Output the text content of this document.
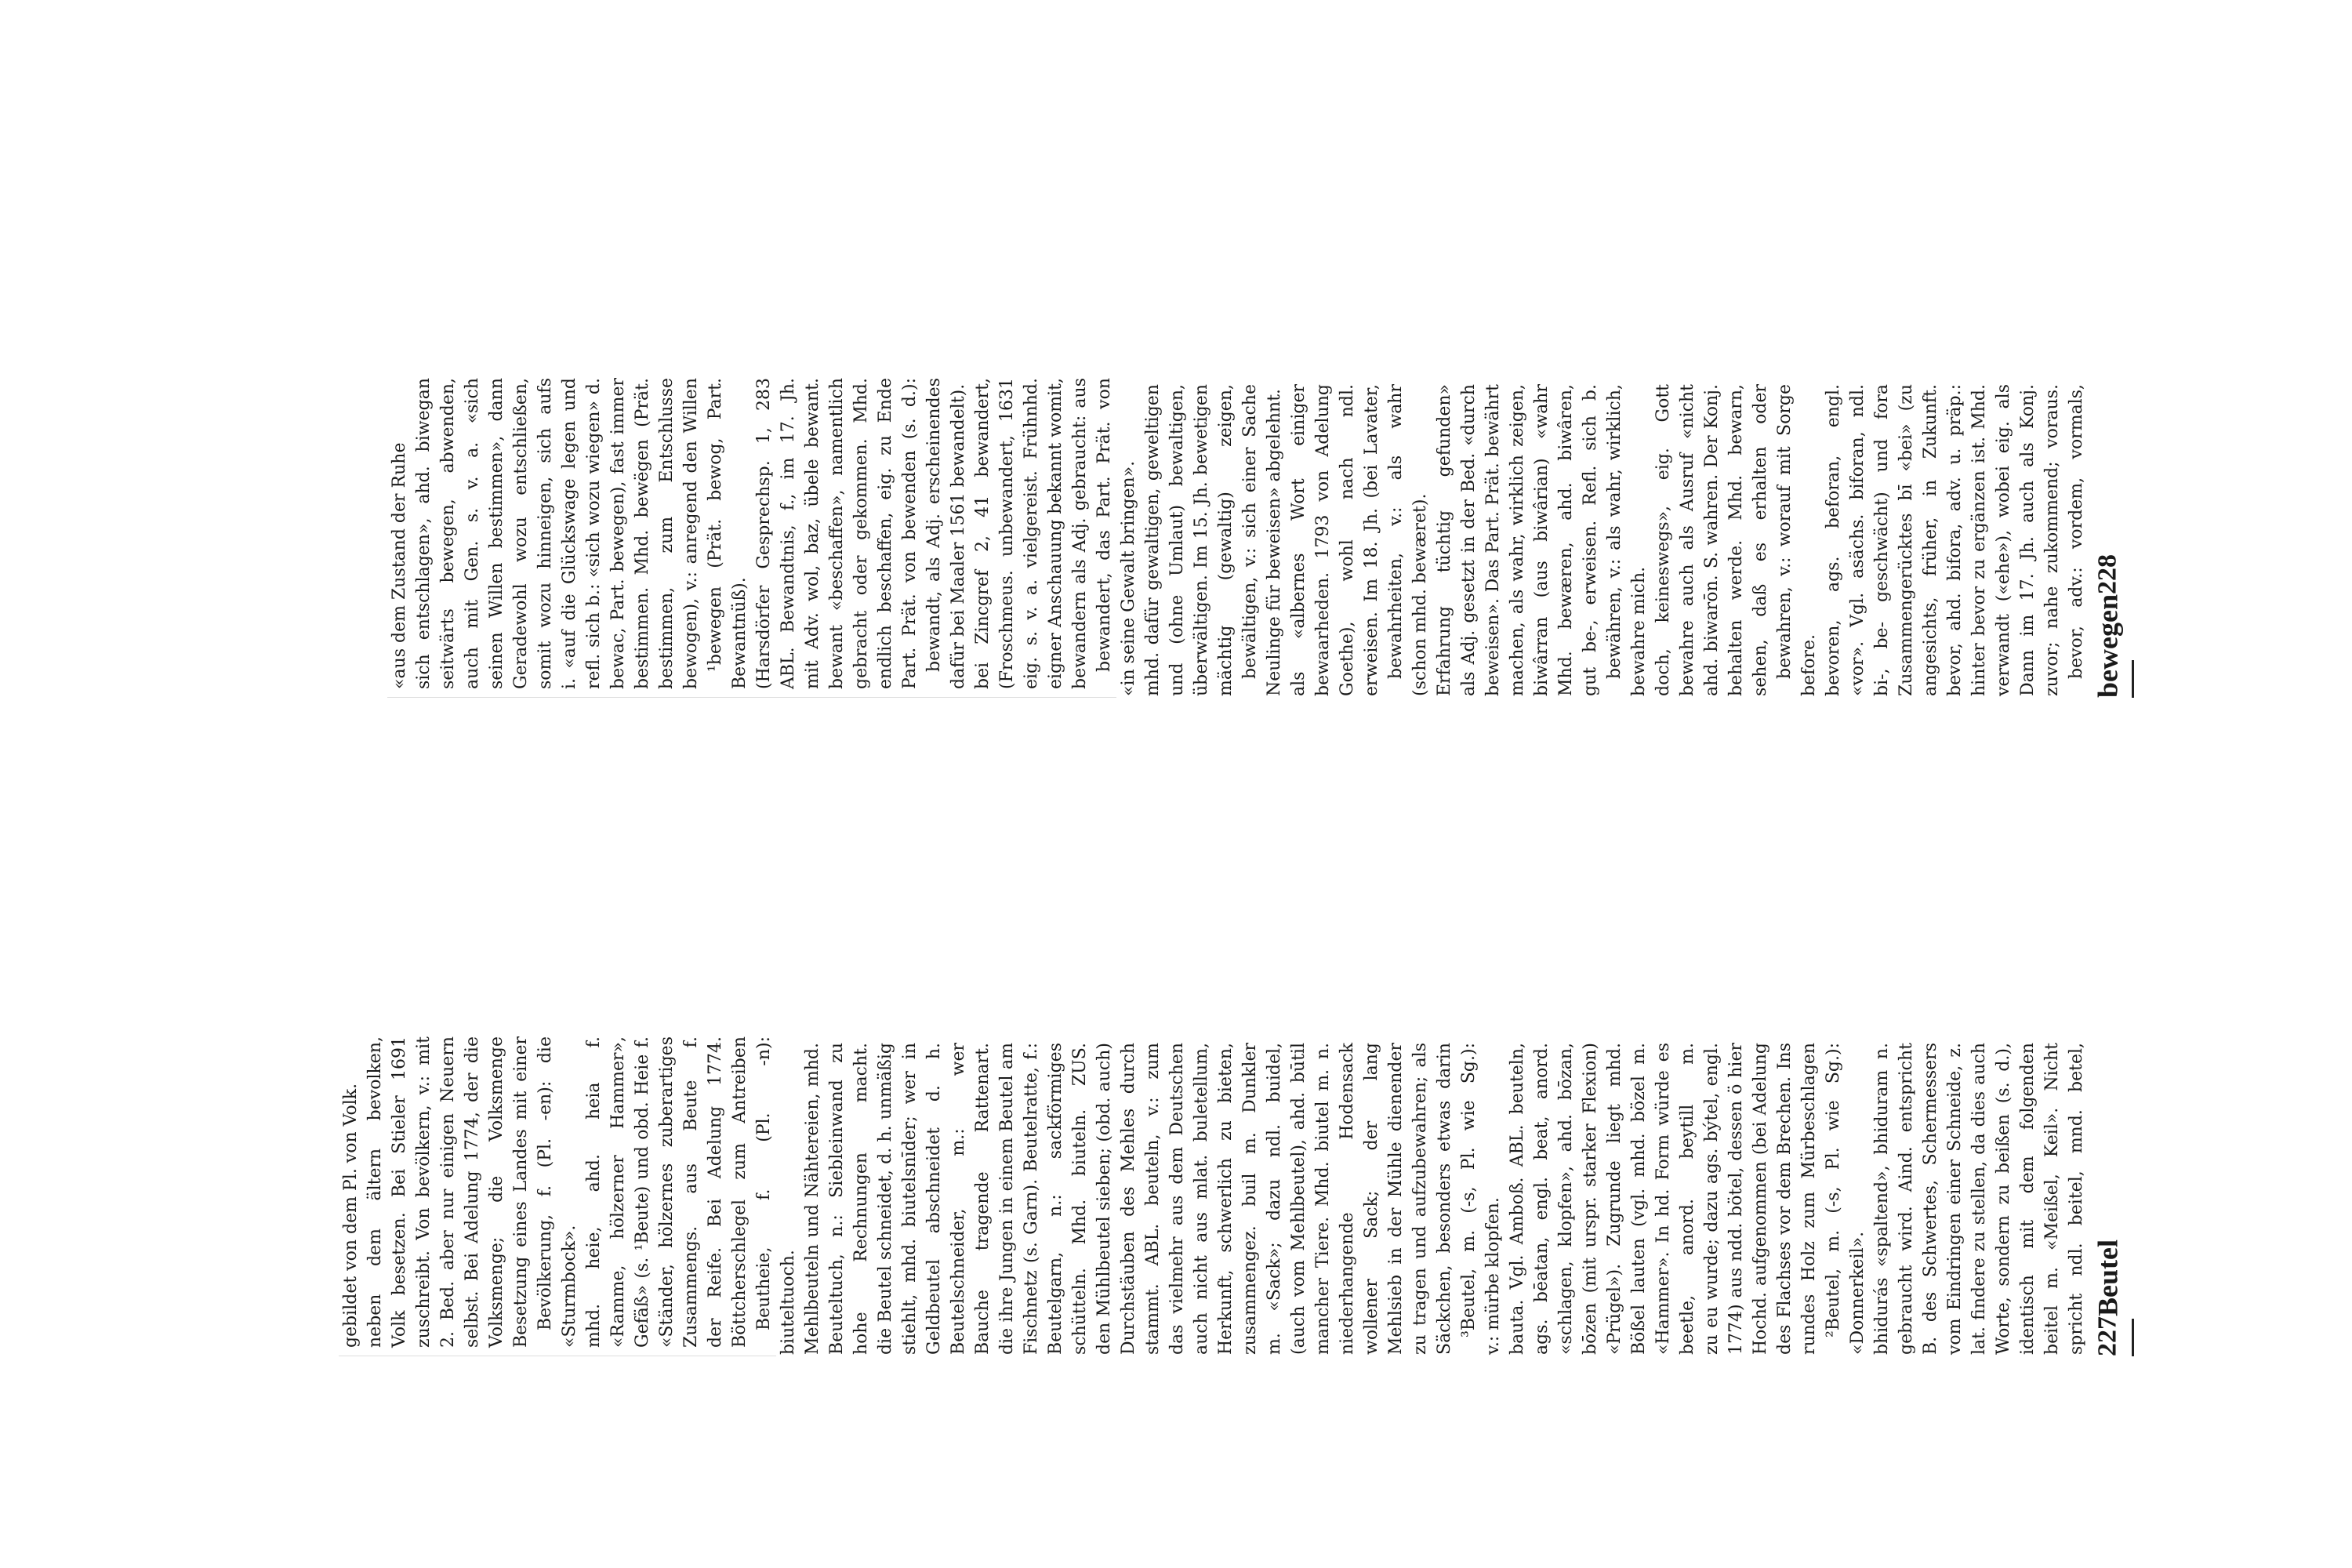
227
Beutel

spricht ndl. beitel, mnd. betel, beitel m. «Meißel, Keil». Nicht identisch mit dem folgenden Worte, sondern zu beißen (s. d.), lat. findere zu stellen, da dies auch vom Eindringen einer Schneide, z. B. des Schwertes, Schermessers gebraucht wird. Aind. entspricht bhidurás «spaltend», bhiduram n. «Donnerkeil».

²Beutel, m. (-s, Pl. wie Sg.): rundes Holz zum Mürbeschlagen des Flachses vor dem Brechen. Ins Hochd. aufgenommen (bei Adelung 1774) aus ndd. bötel, dessen ö hier zu eu wurde; dazu ags. býtel, engl. beetle, anord. beytill m. «Hammer». In hd. Form würde es Bößel lauten (vgl. mhd. bözel m. «Prügel»). Zugrunde liegt mhd. bōzen (mit urspr. starker Flexion) «schlagen, klopfen», ahd. bōzan, ags. bēatan, engl. beat, anord. bauta. Vgl. Amboß. ABL. beuteln, v.: mürbe klopfen.

³Beutel, m. (-s, Pl. wie Sg.): Säckchen, besonders etwas darin zu tragen und aufzubewahren; als Mehlsieb in der Mühle dienender wollener Sack; der lang niederhangende Hodensack mancher Tiere. Mhd. biutel m. n. (auch vom Mehlbeutel), ahd. būtil m. «Sack»; dazu ndl. buidel, zusammengez. buil m. Dunkler Herkunft, schwerlich zu bieten, auch nicht aus mlat. buletellum, das vielmehr aus dem Deutschen stammt. ABL. beuteln, v.: zum Durchstäuben des Mehles durch den Mühlbeutel sieben; (obd. auch) schütteln. Mhd. biuteln. ZUS. Beutelgarn, n.: sackförmiges Fischnetz (s. Garn). Beutelratte, f.: die ihre Jungen in einem Beutel am Bauche tragende Rattenart. Beutelschneider, m.: wer Geldbeutel abschneidet d. h. stiehlt, mhd. biutelsnīder; wer in die Beutel schneidet, d. h. unmäßig hohe Rechnungen macht. Beuteltuch, n.: Siebleinwand zu Mehlbeuteln und Nähtereien, mhd. biuteltuoch.

Beutheie, f. (Pl. -n): Böttcherschlegel zum Antreiben der Reife. Bei Adelung 1774. Zusammengs. aus Beute f. «Ständer, hölzernes zuberartiges Gefäß» (s. ¹Beute) und obd. Heie f. «Ramme, hölzerner Hammer», mhd. heie, ahd. heia f. «Sturmbock».

Bevölkerung, f. (Pl. -en): die Besetzung eines Landes mit einer Volksmenge; die Volksmenge selbst. Bei Adelung 1774, der die 2. Bed. aber nur einigen Neuern zuschreibt. Von bevölkern, v.: mit Volk besetzen. Bei Stieler 1691 neben dem ältern bevolken, gebildet von dem Pl. von Volk.

bewegen
228

bevor, adv.: vordem, vormals, zuvor; nahe zukommend; voraus. Dann im 17. Jh. auch als Konj. verwandt («ehe»), wobei eig. als hinter bevor zu ergänzen ist. Mhd. bevor, ahd. bifora, adv. u. präp.: angesichts, früher, in Zukunft. Zusammengerücktes bī «bei» (zu bi-, be- geschwächt) und fora «vor». Vgl. asächs. biforan, ndl. bevoren, ags. beforan, engl. before.

bewahren, v.: worauf mit Sorge sehen, daß es erhalten oder behalten werde. Mhd. bewarn, ahd. biwarōn. S. wahren. Der Konj. bewahre auch als Ausruf «nicht doch, keineswegs», eig. Gott bewahre mich.

bewähren, v.: als wahr, wirklich, gut be-, erweisen. Refl. sich b. Mhd. bewæren, ahd. biwâren, biwârran (aus biwârian) «wahr machen, als wahr, wirklich zeigen, beweisen». Das Part. Prät. bewährt als Adj. gesetzt in der Bed. «durch Erfahrung tüchtig gefunden» (schon mhd. bewæret).

bewahrheiten, v.: als wahr erweisen. Im 18. Jh. (bei Lavater, Goethe), wohl nach ndl. bewaarheden. 1793 von Adelung als «albernes Wort einiger Neulinge für beweisen» abgelehnt.

bewältigen, v.: sich einer Sache mächtig (gewaltig) zeigen, überwältigen. Im 15. Jh. bewetigen und (ohne Umlaut) bewaltigen, mhd. dafür gewaltigen, geweltigen «in seine Gewalt bringen».

bewandert, das Part. Prät. von bewandern als Adj. gebraucht: aus eigner Anschauung bekannt womit, eig. s. v. a. vielgereist. Frühnhd. (Froschmeus. unbewandert, 1631 bei Zincgref 2, 41 bewandert, dafür bei Maaler 1561 bewandelt).

bewandt, als Adj. erscheinendes Part. Prät. von bewenden (s. d.): endlich beschaffen, eig. zu Ende gebracht oder gekommen. Mhd. bewant «beschaffen», namentlich mit Adv. wol, baz, übele bewant. ABL. Bewandtnis, f., im 17. Jh. (Harsdörfer Gesprechsp. 1, 283 Bewantnüß).

¹bewegen (Prät. bewog, Part. bewogen), v.: anregend den Willen bestimmen, zum Entschlusse bestimmen. Mhd. bewëgen (Prät. bewac, Part. bewegen), fast immer refl. sich b.: «sich wozu wiegen» d. i. «auf die Glückswage legen und somit wozu hinneigen, sich aufs Geradewohl wozu entschließen, seinen Willen bestimmen», dann auch mit Gen. s. v. a. «sich seitwärts bewegen, abwenden, sich entschlagen», ahd. biwegan «aus dem Zustand der Ruhe
